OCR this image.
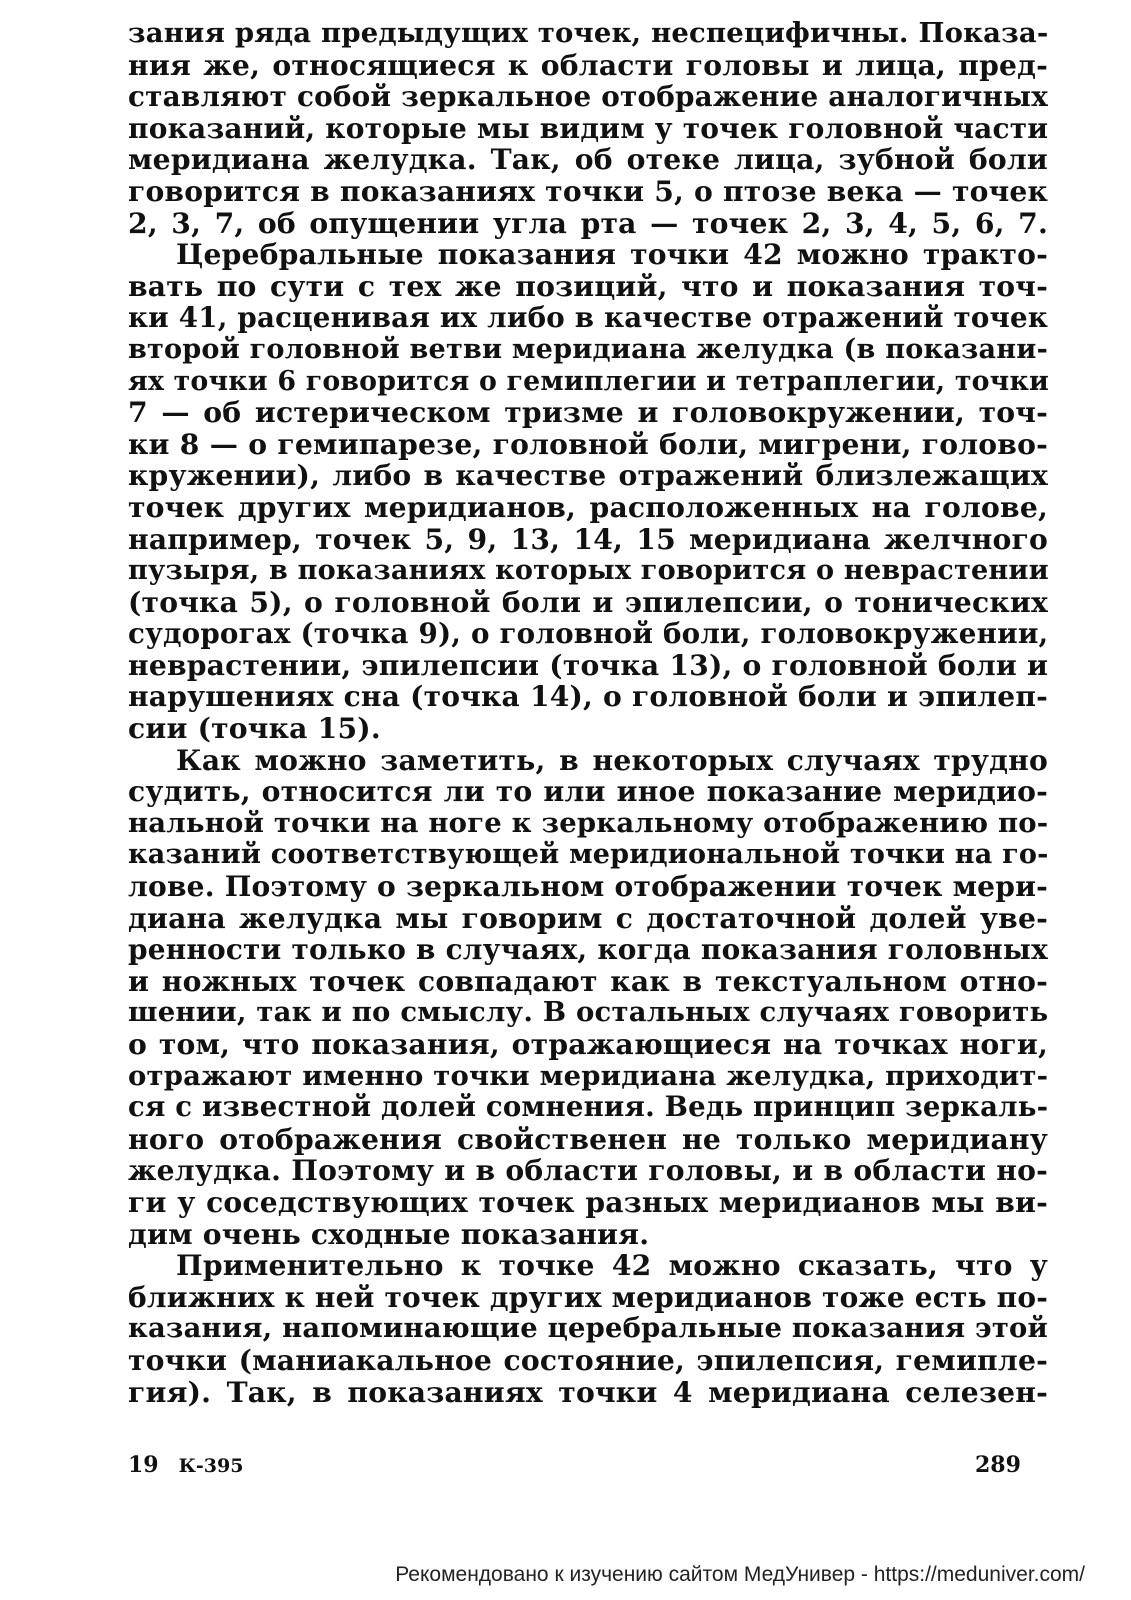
зания ряда предыдущих точек, неспецифичны. Показа-
ния же, относящиеся к области головы и лица, пред-
ставляют собой зеркальное отображение аналогичных
показаний, которые мы видим у точек головной части
меридиана желудка. Так, об отеке лица, зубной боли
говорится в показаниях точки 5, о птозе века — точек
2, 3, 7, об опущении угла рта — точек 2, 3, 4, 5, 6, 7.
Церебральные показания точки 42 можно тракто-
вать по сути с тех же позиций, что и показания точ-
ки 41, расценивая их либо в качестве отражений точек
второй головной ветви меридиана желудка (в показани-
ях точки 6 говорится о гемиплегии и тетраплегии, точки
7 — об истерическом тризме и головокружении, точ-
ки 8 — о гемипарезе, головной боли, мигрени, голово-
кружении), либо в качестве отражений близлежащих
точек других меридианов, расположенных на голове,
например, точек 5, 9, 13, 14, 15 меридиана желчного
пузыря, в показаниях которых говорится о неврастении
(точка 5), о головной боли и эпилепсии, о тонических
судорогах (точка 9), о головной боли, головокружении,
неврастении, эпилепсии (точка 13), о головной боли и
нарушениях сна (точка 14), о головной боли и эпилеп-
сии (точка 15).
Как можно заметить, в некоторых случаях трудно
судить, относится ли то или иное показание меридио-
нальной точки на ноге к зеркальному отображению по-
казаний соответствующей меридиональной точки на го-
лове. Поэтому о зеркальном отображении точек мери-
диана желудка мы говорим с достаточной долей уве-
ренности только в случаях, когда показания головных
и ножных точек совпадают как в текстуальном отно-
шении, так и по смыслу. В остальных случаях говорить
о том, что показания, отражающиеся на точках ноги,
отражают именно точки меридиана желудка, приходит-
ся с известной долей сомнения. Ведь принцип зеркаль-
ного отображения свойственен не только меридиану
желудка. Поэтому и в области головы, и в области но-
ги у соседствующих точек разных меридианов мы ви-
дим очень сходные показания.
Применительно к точке 42 можно сказать, что у
ближних к ней точек других меридианов тоже есть по-
казания, напоминающие церебральные показания этой
точки (маниакальное состояние, эпилепсия, гемипле-
гия). Так, в показаниях точки 4 меридиана селезен-
19 К-395	289
Рекомендовано к изучению сайтом МедУнивер - https://meduniver.com/
